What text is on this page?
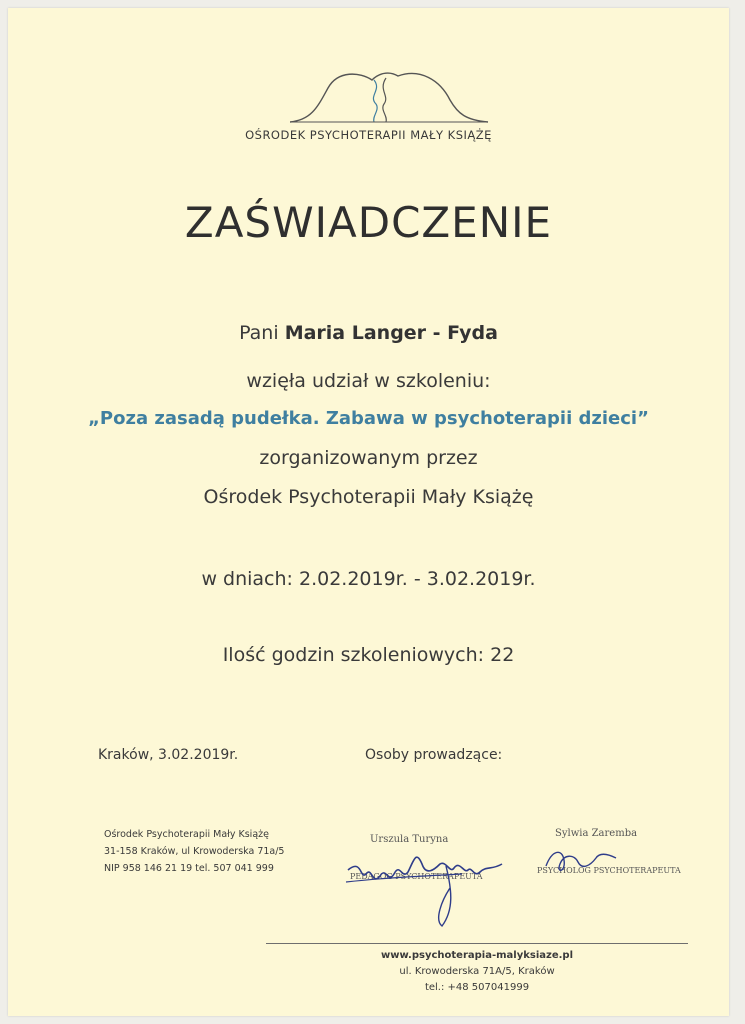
OŚRODEK PSYCHOTERAPII MAŁY KSIĄŻĘ
ZAŚWIADCZENIE
Pani Maria Langer - Fyda
wzięła udział w szkoleniu:
„Poza zasadą pudełka. Zabawa w psychoterapii dzieci”
zorganizowanym przez
Ośrodek Psychoterapii Mały Książę
w dniach: 2.02.2019r. - 3.02.2019r.
Ilość godzin szkoleniowych: 22
Kraków, 3.02.2019r.	Osoby prowadzące:
Ośrodek Psychoterapii Mały Książę
31-158 Kraków, ul Krowoderska 71a/5
NIP 958 146 21 19 tel. 507 041 999
Urszula Turyna
PEDAGOG PSYCHOTERAPEUTA
Sylwia Zaremba
PSYCHOLOG PSYCHOTERAPEUTA
www.psychoterapia-malyksiaze.pl
ul. Krowoderska 71A/5, Kraków
tel.: +48 507041999
